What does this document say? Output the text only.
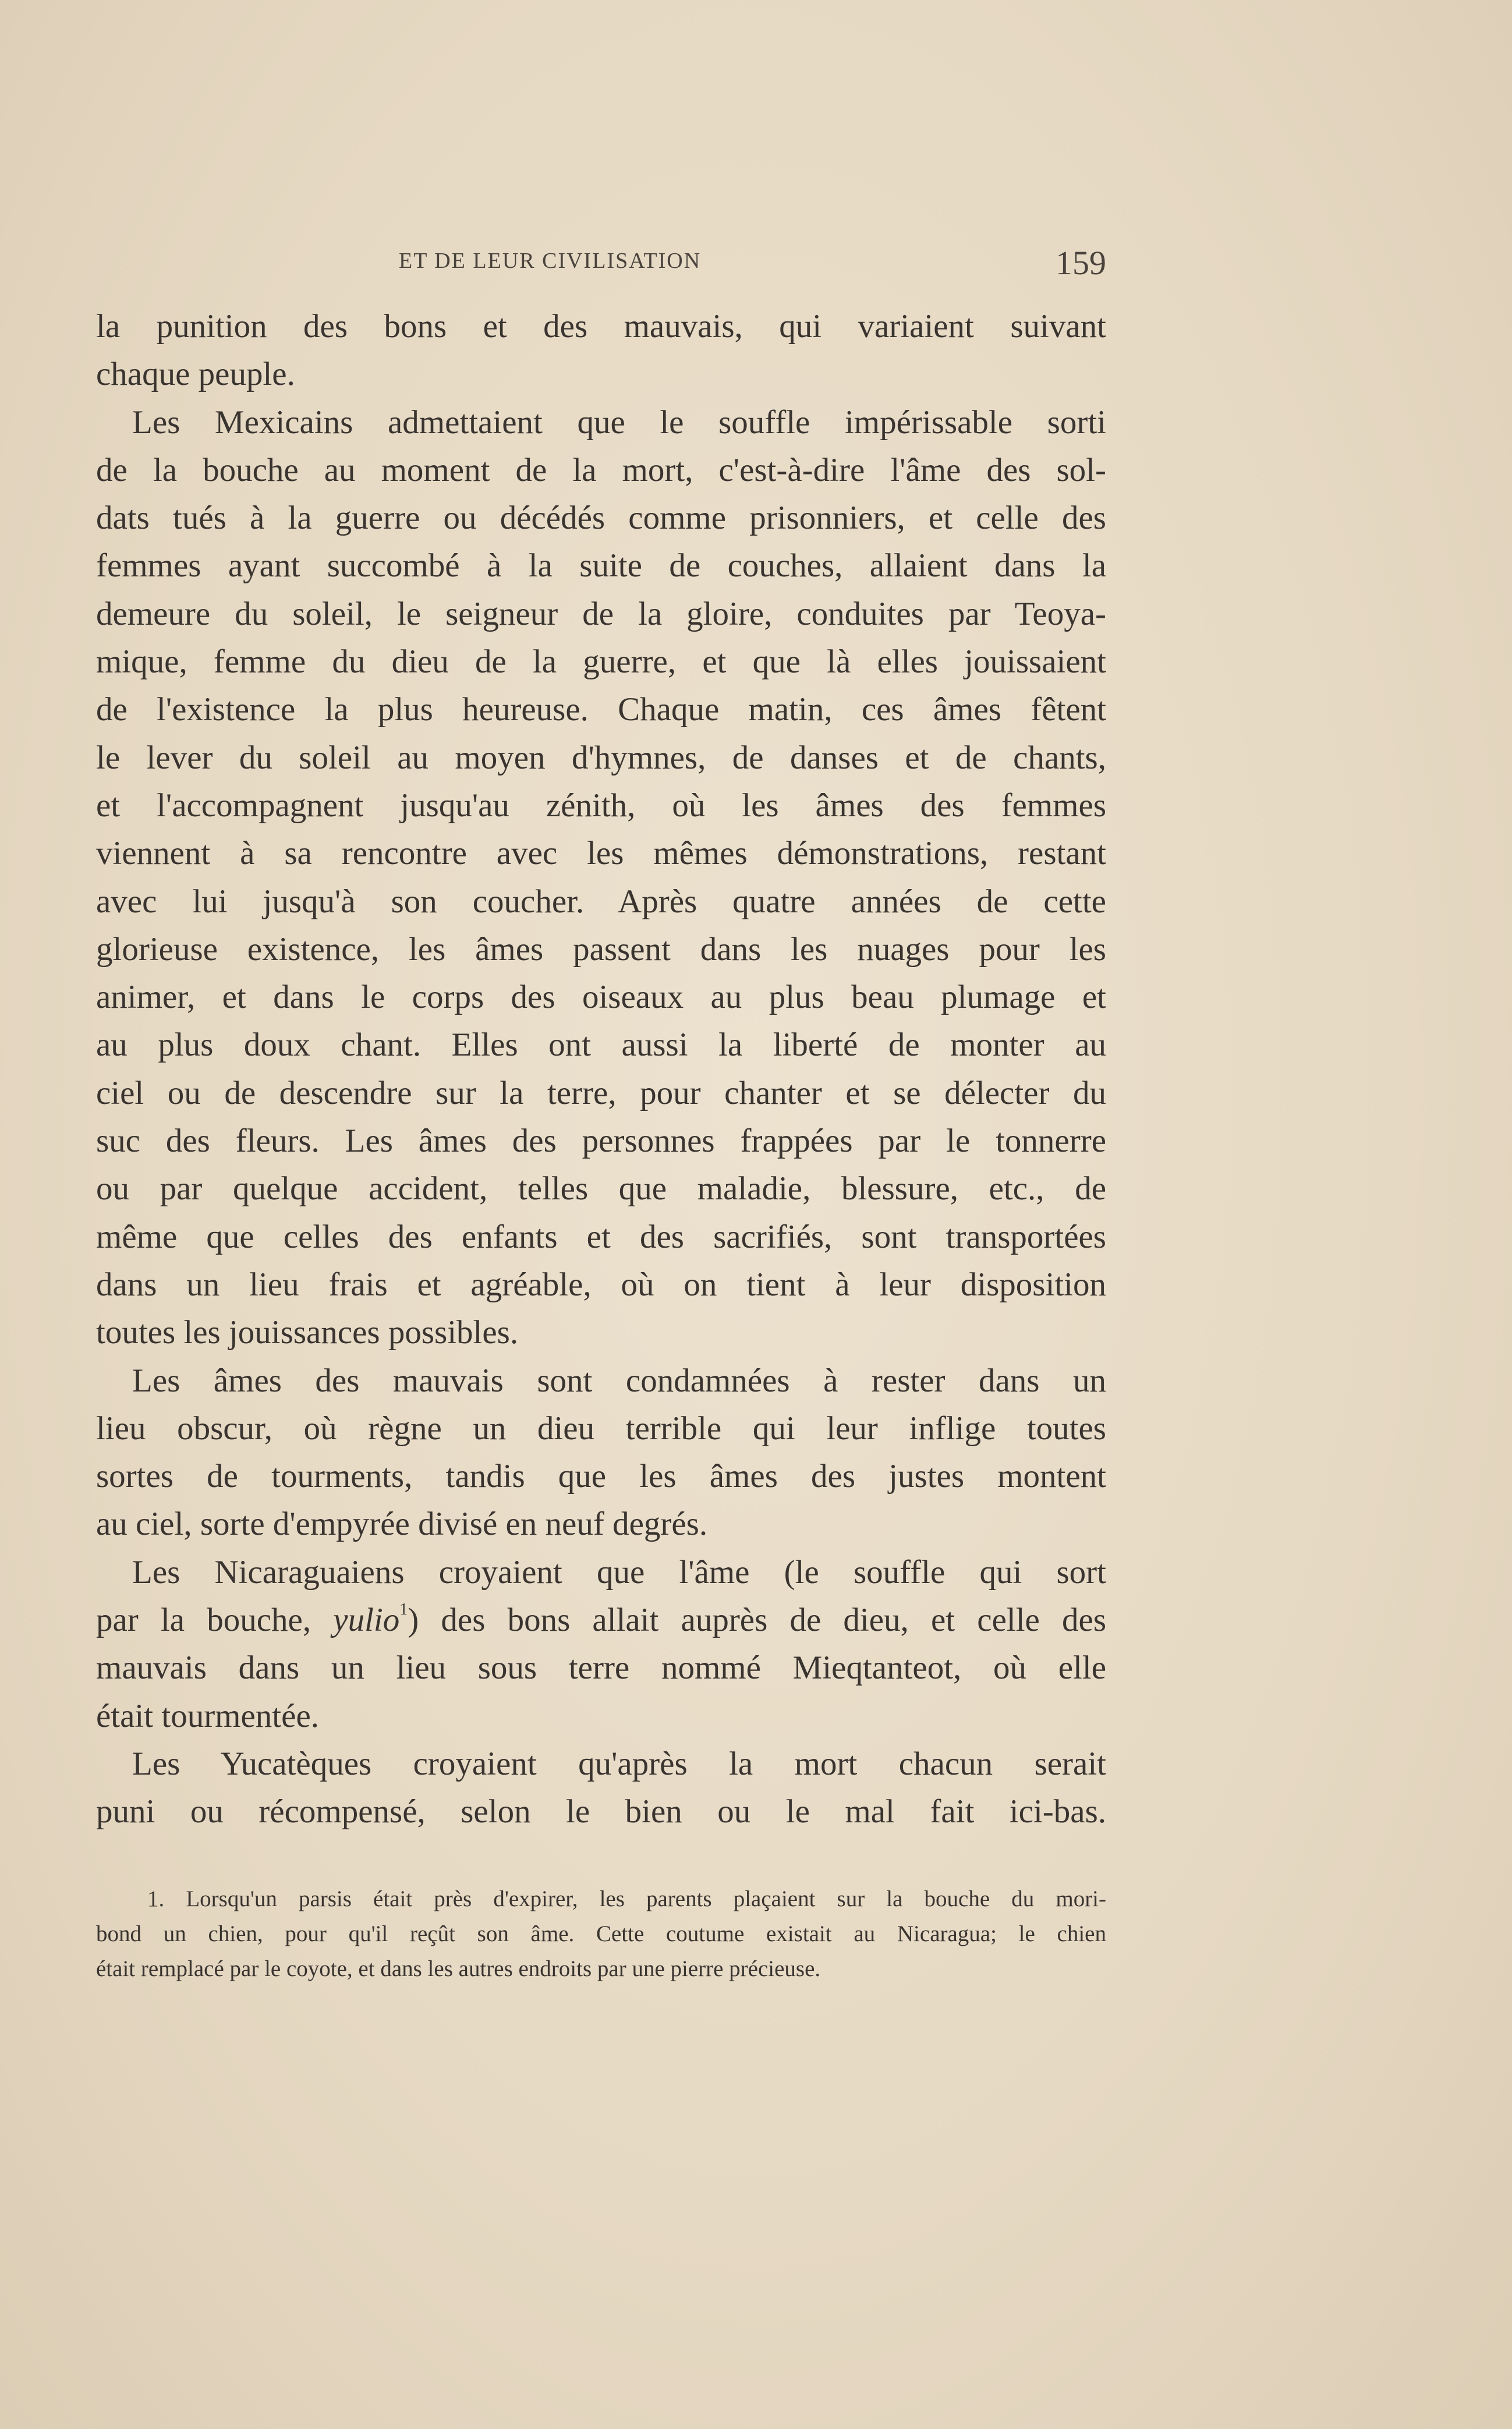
ET DE LEUR CIVILISATION	159
la punition des bons et des mauvais, qui variaient suivant
chaque peuple.
Les Mexicains admettaient que le souffle impérissable sorti
de la bouche au moment de la mort, c'est-à-dire l'âme des sol-
dats tués à la guerre ou décédés comme prisonniers, et celle des
femmes ayant succombé à la suite de couches, allaient dans la
demeure du soleil, le seigneur de la gloire, conduites par Teoya-
mique, femme du dieu de la guerre, et que là elles jouissaient
de l'existence la plus heureuse. Chaque matin, ces âmes fêtent
le lever du soleil au moyen d'hymnes, de danses et de chants,
et l'accompagnent jusqu'au zénith, où les âmes des femmes
viennent à sa rencontre avec les mêmes démonstrations, restant
avec lui jusqu'à son coucher. Après quatre années de cette
glorieuse existence, les âmes passent dans les nuages pour les
animer, et dans le corps des oiseaux au plus beau plumage et
au plus doux chant. Elles ont aussi la liberté de monter au
ciel ou de descendre sur la terre, pour chanter et se délecter du
suc des fleurs. Les âmes des personnes frappées par le tonnerre
ou par quelque accident, telles que maladie, blessure, etc., de
même que celles des enfants et des sacrifiés, sont transportées
dans un lieu frais et agréable, où on tient à leur disposition
toutes les jouissances possibles.
Les âmes des mauvais sont condamnées à rester dans un
lieu obscur, où règne un dieu terrible qui leur inflige toutes
sortes de tourments, tandis que les âmes des justes montent
au ciel, sorte d'empyrée divisé en neuf degrés.
Les Nicaraguaiens croyaient que l'âme (le souffle qui sort
par la bouche, yulio$^1$) des bons allait auprès de dieu, et celle des
mauvais dans un lieu sous terre nommé Mieqtanteot, où elle
était tourmentée.
Les Yucatèques croyaient qu'après la mort chacun serait
puni ou récompensé, selon le bien ou le mal fait ici-bas.
1. Lorsqu'un parsis était près d'expirer, les parents plaçaient sur la bouche du mori-
bond un chien, pour qu'il reçût son âme. Cette coutume existait au Nicaragua; le chien
était remplacé par le coyote, et dans les autres endroits par une pierre précieuse.
